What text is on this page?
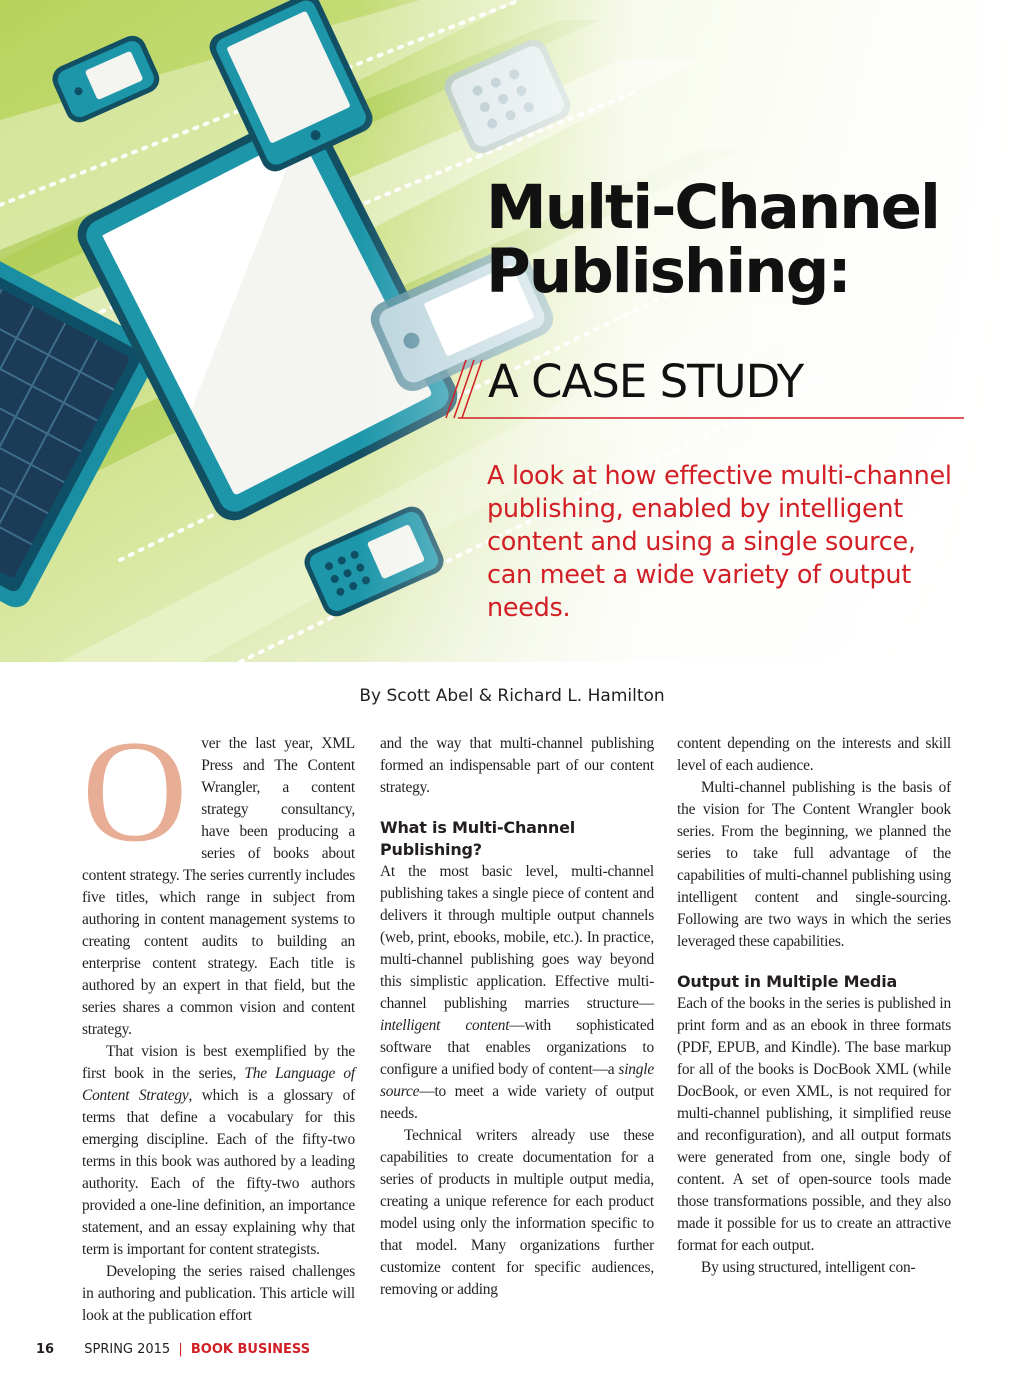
Multi-Channel
Publishing:
A CASE STUDY
A look at how effective multi-channel publishing, enabled by intelligent content and using a single source, can meet a wide variety of output needs.
By Scott Abel & Richard L. Hamilton

Over the last year, XML Press and The Content Wrangler, a content strategy consultancy, have been producing a series of books about content strategy. The series currently includes five titles, which range in subject from authoring in content management systems to creating content audits to building an enterprise content strategy. Each title is authored by an expert in that field, but the series shares a common vision and content strategy.

That vision is best exemplified by the first book in the series, The Language of Content Strategy, which is a glossary of terms that define a vocabulary for this emerging discipline. Each of the fifty-two terms in this book was authored by a leading authority. Each of the fifty-two authors provided a one-line definition, an importance statement, and an essay explaining why that term is important for content strategists.

Developing the series raised challenges in authoring and publication. This article will look at the publication effort

and the way that multi-channel publishing formed an indispensable part of our content strategy.

What is Multi-Channel Publishing?

At the most basic level, multi-channel publishing takes a single piece of content and delivers it through multiple output channels (web, print, ebooks, mobile, etc.). In practice, multi-channel publishing goes way beyond this simplistic application. Effective multi-channel publishing marries structure—intelligent content—with sophisticated software that enables organizations to configure a unified body of content—a single source—to meet a wide variety of output needs.

Technical writers already use these capabilities to create documentation for a series of products in multiple output media, creating a unique reference for each product model using only the information specific to that model. Many organizations further customize content for specific audiences, removing or adding

content depending on the interests and skill level of each audience.

Multi-channel publishing is the basis of the vision for The Content Wrangler book series. From the beginning, we planned the series to take full advantage of the capabilities of multi-channel publishing using intelligent content and single-sourcing. Following are two ways in which the series leveraged these capabilities.

Output in Multiple Media

Each of the books in the series is published in print form and as an ebook in three formats (PDF, EPUB, and Kindle). The base markup for all of the books is DocBook XML (while DocBook, or even XML, is not required for multi-channel publishing, it simplified reuse and reconfiguration), and all output formats were generated from one, single body of content. A set of open-source tools made those transformations possible, and they also made it possible for us to create an attractive format for each output.

By using structured, intelligent con-

16 SPRING 2015 | BOOK BUSINESS
